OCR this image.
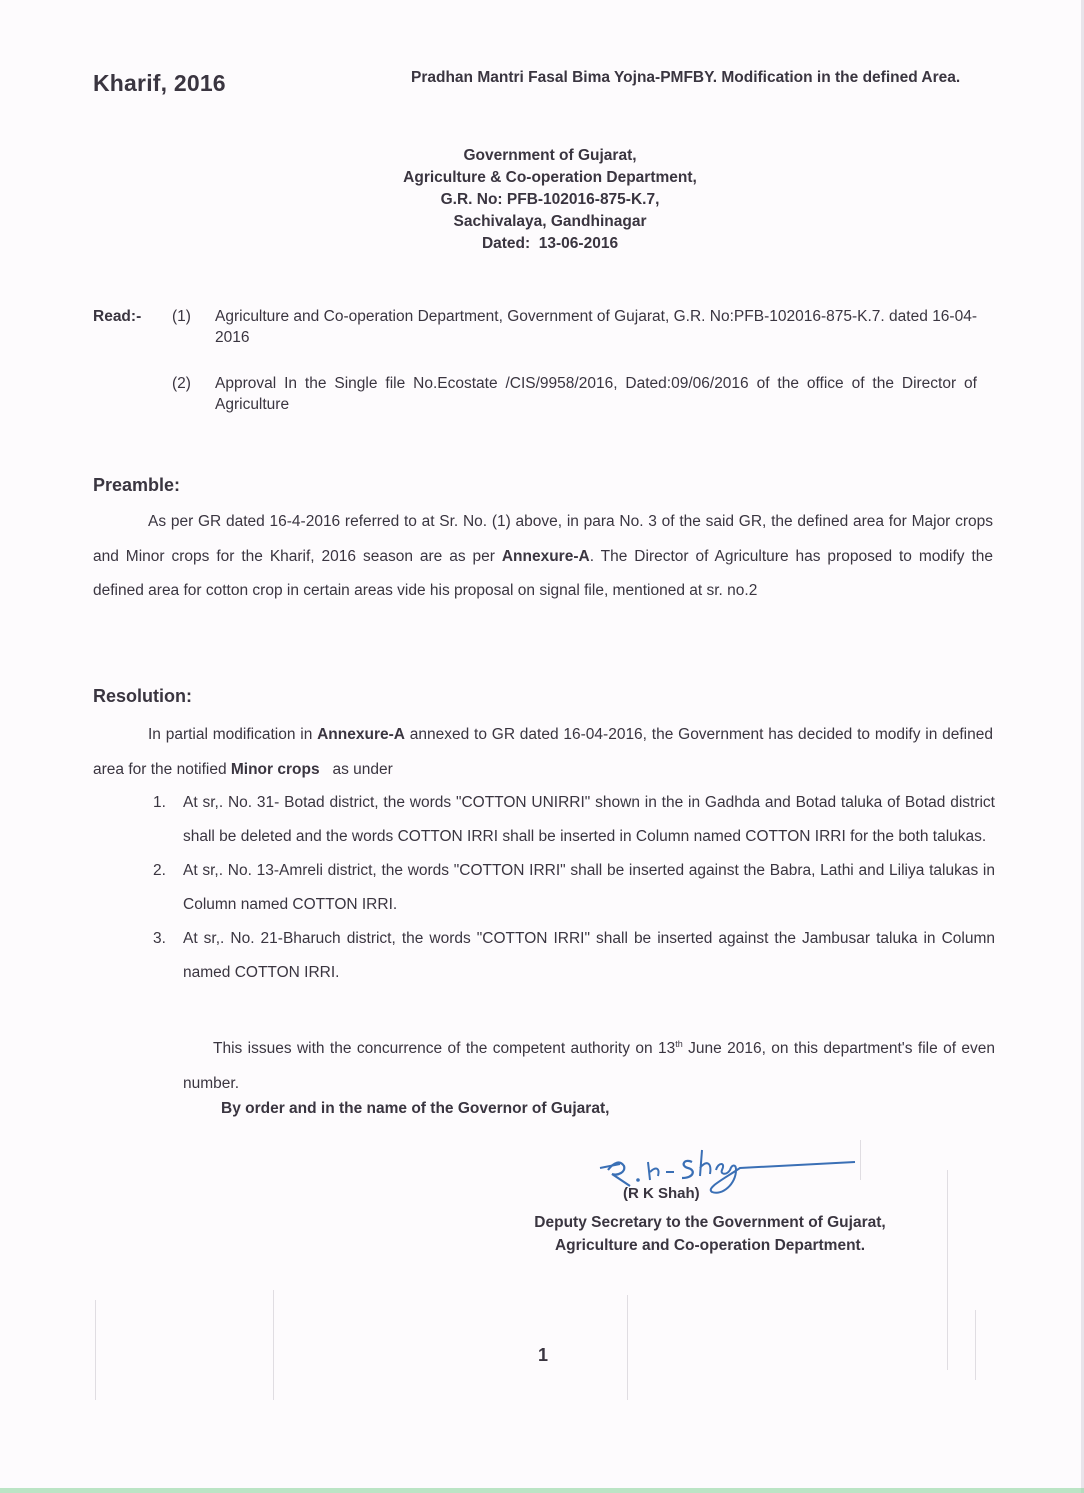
Kharif, 2016	Pradhan Mantri Fasal Bima Yojna-PMFBY. Modification in the defined Area.
Government of Gujarat,
Agriculture & Co-operation Department,
G.R. No: PFB-102016-875-K.7,
Sachivalaya, Gandhinagar
Dated:  13-06-2016
Read:- (1) Agriculture and Co-operation Department, Government of Gujarat, G.R. No:PFB-102016-875-K.7. dated 16-04-2016
(2) Approval In the Single file No.Ecostate /CIS/9958/2016, Dated:09/06/2016 of the office of the Director of Agriculture
Preamble:
As per GR dated 16-4-2016 referred to at Sr. No. (1) above, in para No. 3 of the said GR, the defined area for Major crops and Minor crops for the Kharif, 2016 season are as per Annexure-A. The Director of Agriculture has proposed to modify the defined area for cotton crop in certain areas vide his proposal on signal file, mentioned at sr. no.2
Resolution:
In partial modification in Annexure-A annexed to GR dated 16-04-2016, the Government has decided to modify in defined area for the notified Minor crops   as under
1. At sr,. No. 31- Botad district, the words "COTTON UNIRRI" shown in the in Gadhda and Botad taluka of Botad district shall be deleted and the words COTTON IRRI shall be inserted in Column named COTTON IRRI for the both talukas.
2. At sr,. No. 13-Amreli district, the words "COTTON IRRI" shall be inserted against the Babra, Lathi and Liliya talukas in Column named COTTON IRRI.
3. At sr,. No. 21-Bharuch district, the words "COTTON IRRI" shall be inserted against the Jambusar taluka in Column named COTTON IRRI.
This issues with the concurrence of the competent authority on 13th June 2016, on this department's file of even number.
By order and in the name of the Governor of Gujarat,
(R K Shah)
Deputy Secretary to the Government of Gujarat,
Agriculture and Co-operation Department.
1
